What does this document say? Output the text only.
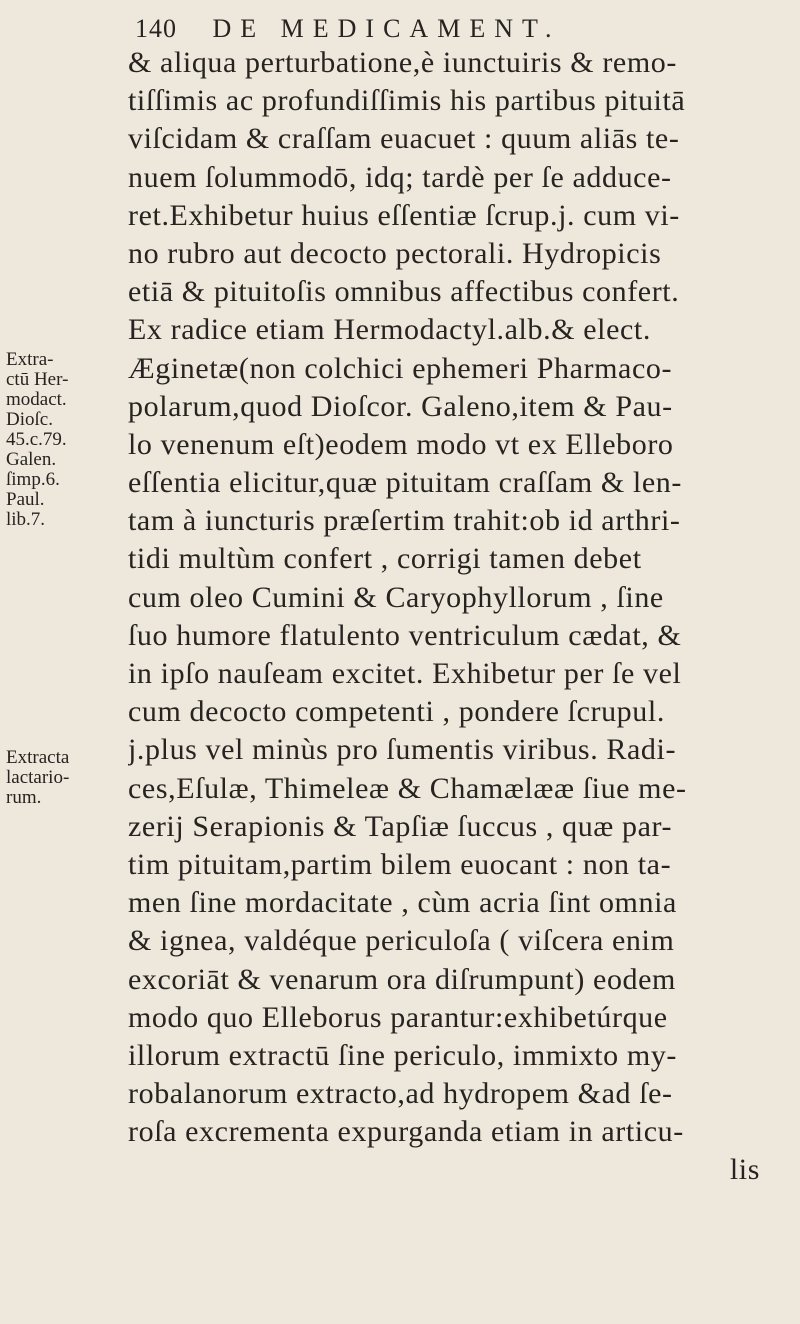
140 DE MEDICAMENT.
Extra-
ctū Her-
modact.
Dioſc.
45.c.79.
Galen.
ſimp.6.
Paul.
lib.7.
Extracta
lactario-
rum.
& aliqua perturbatione,è iunctuiris & remo-
tiſſimis ac profundiſſimis his partibus pituitā
viſcidam & craſſam euacuet : quum aliās te-
nuem ſolummodō, idq; tardè per ſe adduce-
ret.Exhibetur huius eſſentiæ ſcrup.j. cum vi-
no rubro aut decocto pectorali. Hydropicis
etiā & pituitoſis omnibus affectibus confert.
Ex radice etiam Hermodactyl.alb.& elect.
Æginetæ(non colchici ephemeri Pharmaco-
polarum,quod Dioſcor. Galeno,item & Pau-
lo venenum eſt)eodem modo vt ex Elleboro
eſſentia elicitur,quæ pituitam craſſam & len-
tam à iuncturis præſertim trahit:ob id arthri-
tidi multùm confert , corrigi tamen debet
cum oleo Cumini & Caryophyllorum , ſine
ſuo humore flatulento ventriculum cædat, &
in ipſo nauſeam excitet. Exhibetur per ſe vel
cum decocto competenti , pondere ſcrupul.
j.plus vel minùs pro ſumentis viribus. Radi-
ces,Eſulæ, Thimeleæ & Chamælææ ſiue me-
zerij Serapionis & Tapſiæ ſuccus , quæ par-
tim pituitam,partim bilem euocant : non ta-
men ſine mordacitate , cùm acria ſint omnia
& ignea, valdéque periculoſa ( viſcera enim
excoriāt & venarum ora diſrumpunt) eodem
modo quo Elleborus parantur:exhibetúrque
illorum extractū ſine periculo, immixto my-
robalanorum extracto,ad hydropem &ad ſe-
roſa excrementa expurganda etiam in articu-
lis
